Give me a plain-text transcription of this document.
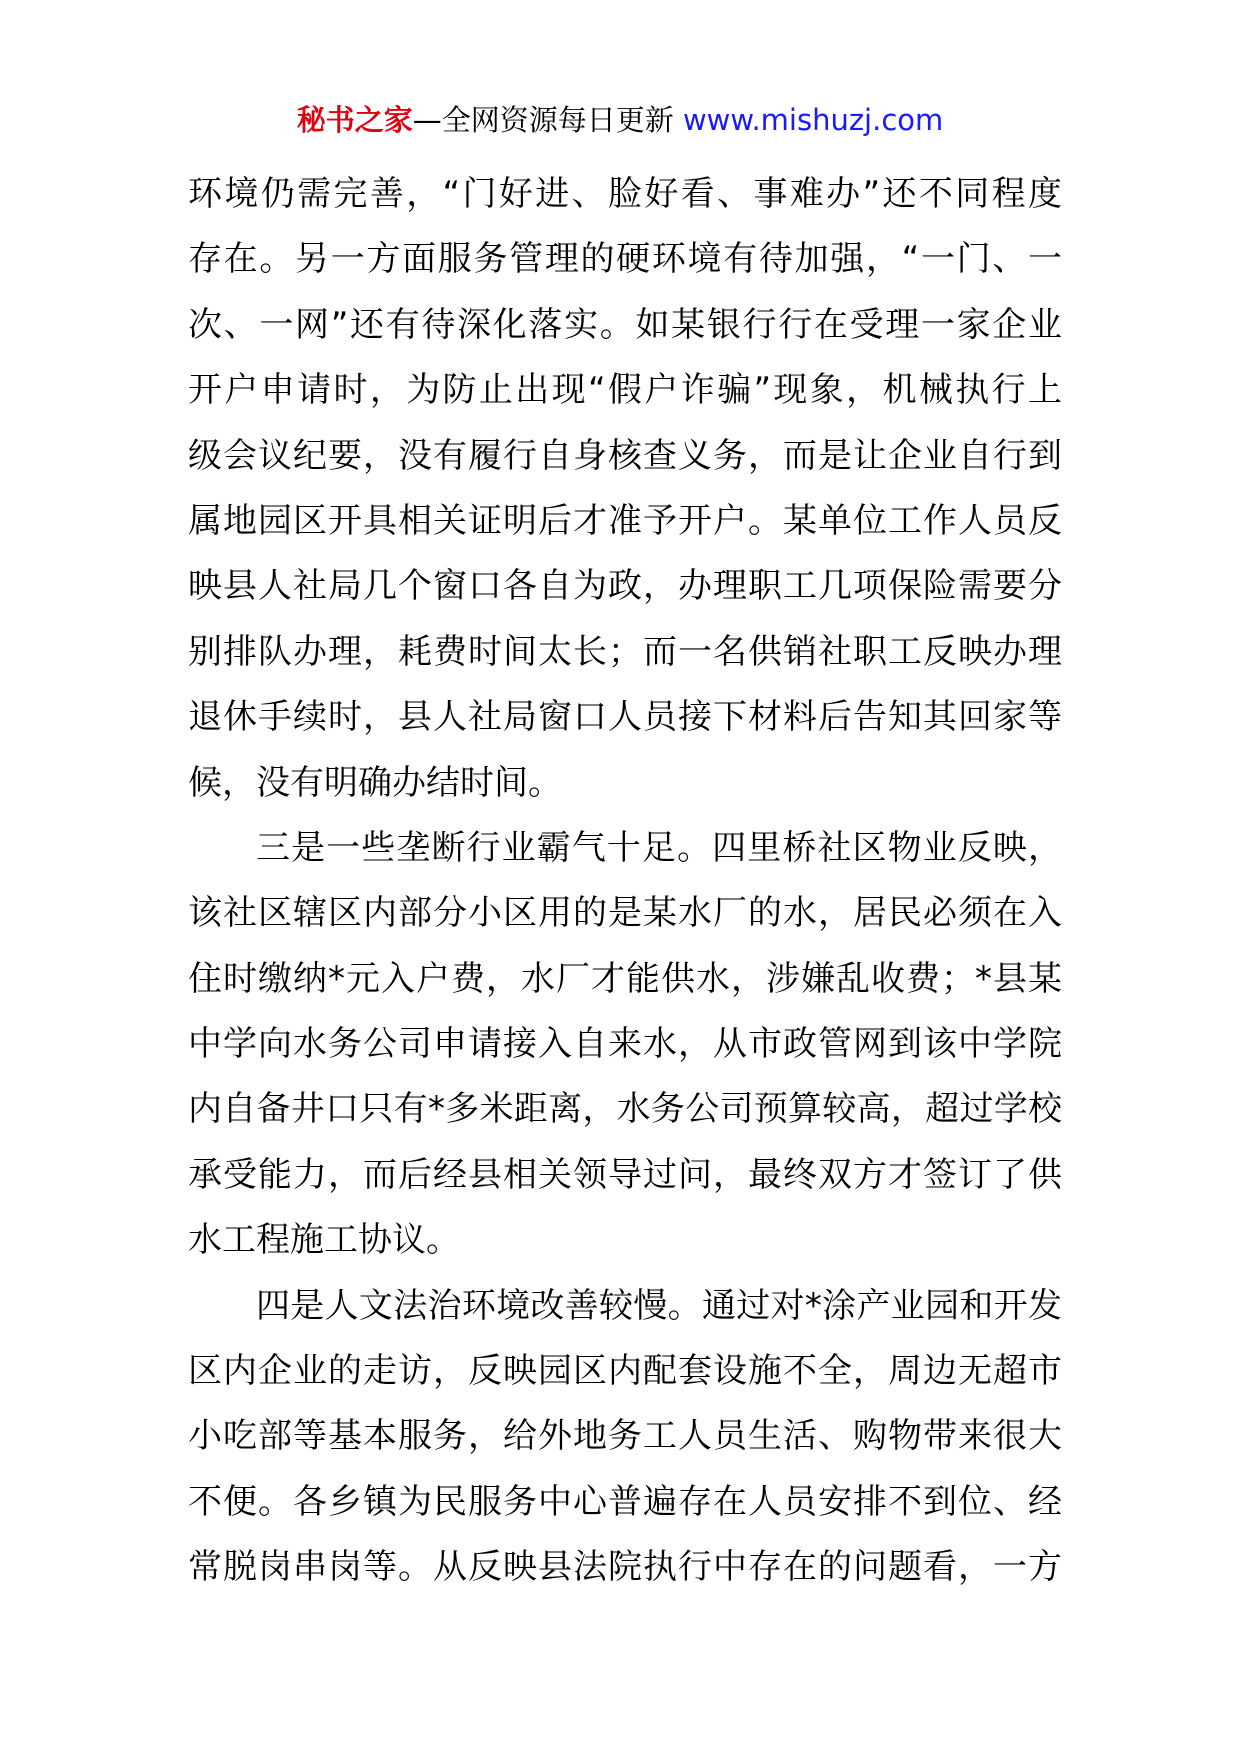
秘书之家—全网资源每日更新 www.mishuzj.com
环境仍需完善，“门好进、脸好看、事难办”还不同程度
存在。另一方面服务管理的硬环境有待加强，“一门、一
次、一网”还有待深化落实。如某银行行在受理一家企业
开户申请时，为防止出现“假户诈骗”现象，机械执行上
级会议纪要，没有履行自身核查义务，而是让企业自行到
属地园区开具相关证明后才准予开户。某单位工作人员反
映县人社局几个窗口各自为政，办理职工几项保险需要分
别排队办理，耗费时间太长；而一名供销社职工反映办理
退休手续时，县人社局窗口人员接下材料后告知其回家等
候，没有明确办结时间。
三是一些垄断行业霸气十足。四里桥社区物业反映，
该社区辖区内部分小区用的是某水厂的水，居民必须在入
住时缴纳*元入户费，水厂才能供水，涉嫌乱收费；*县某
中学向水务公司申请接入自来水，从市政管网到该中学院
内自备井口只有*多米距离，水务公司预算较高，超过学校
承受能力，而后经县相关领导过问，最终双方才签订了供
水工程施工协议。
四是人文法治环境改善较慢。通过对*涂产业园和开发
区内企业的走访，反映园区内配套设施不全，周边无超市
小吃部等基本服务，给外地务工人员生活、购物带来很大
不便。各乡镇为民服务中心普遍存在人员安排不到位、经
常脱岗串岗等。从反映县法院执行中存在的问题看，一方
